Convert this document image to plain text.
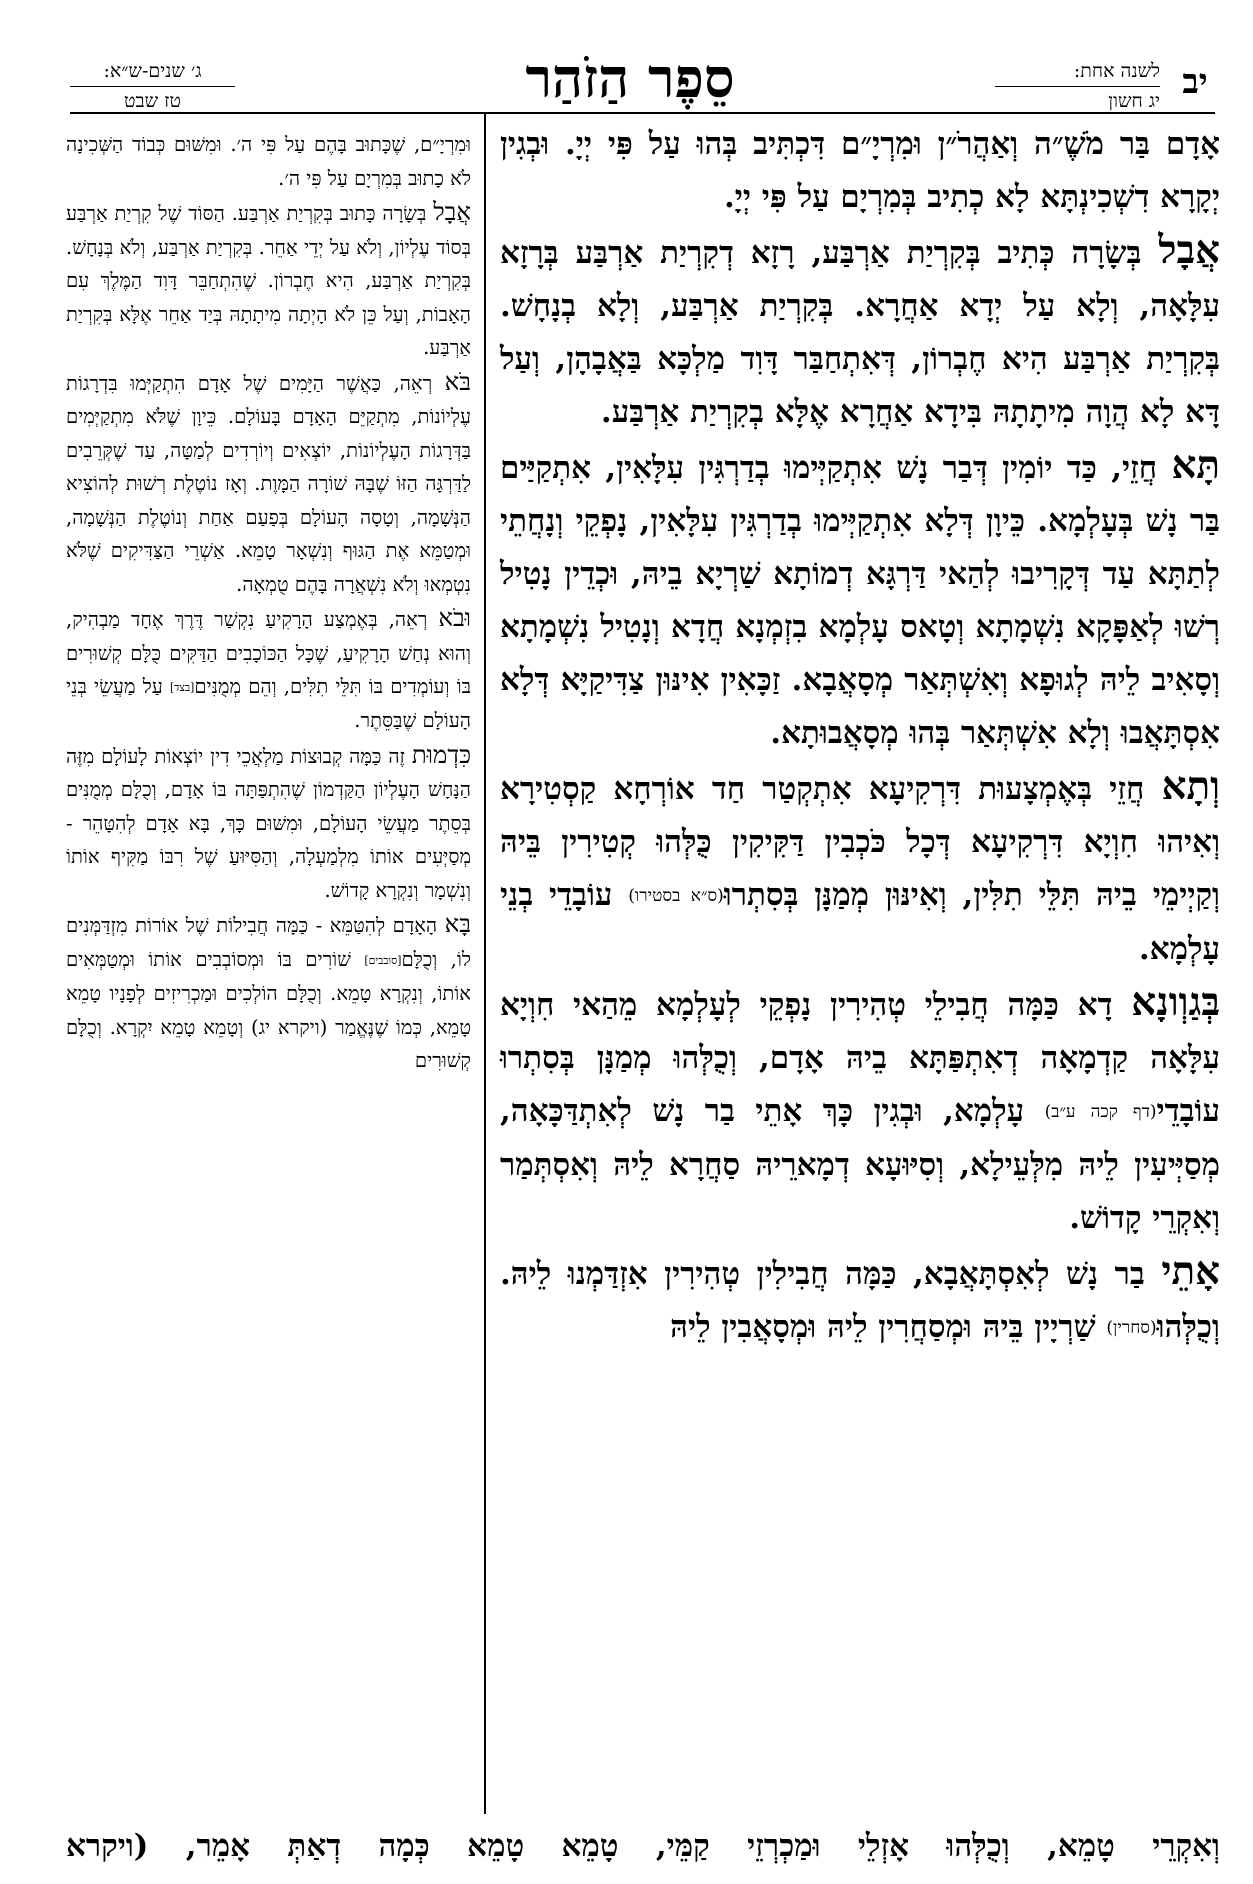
יב
לשנה אחת:
יג חשון
סֵפֶר הַזֹהַר
ג׳ שנים-ש״א:
טז שבט

אָדָם בַּר מֹשֶׁ״ה וְאַהֲרֹ״ן וּמִרְיָ״ם דִּכְתִּיב בְּהוּ עַל פִּי יְיָ. וּבְגִין יְקָרָא דִשְׁכִינְתָּא לָא כְתִיב בְּמִרְיָם עַל פִּי יְיָ.

אֲבָל בְּשָׂרָה כְּתִיב בְּקִרְיַת אַרְבַּע, רָזָא דְקִרְיַת אַרְבַּע בְּרָזָא עִלָּאָה, וְלָא עַל יְדָא אַחֲרָא. בְּקִרְיַת אַרְבַּע, וְלָא בְנָחָשׁ. בְּקִרְיַת אַרְבַּע הִיא חֶבְרוֹן, דְּאִתְחַבַּר דָּוִד מַלְכָּא בַּאֲבָהָן, וְעַל דָּא לָא הֲוָה מִיתָתָהּ בִּידָא אַחֲרָא אֶלָּא בְקִרְיַת אַרְבַּע.

תָּא חֲזֵי, כַּד יוֹמִין דְּבַר נָשׁ אִתְקַיְּימוּ בְדַרְגִּין עִלָּאִין, אִתְקַיַּים בַּר נָשׁ בְּעָלְמָא. כֵּיוָן דְּלָא אִתְקַיְּימוּ בְדַרְגִּין עִלָּאִין, נָפְקֵי וְנָחֲתֵי לְתַתָּא עַד דְּקָרִיבוּ לְהַאי דַּרְגָּא דְמוֹתָא שַׁרְיָא בֵיהּ, וּכְדֵין נָטִיל רְשׁוּ לְאַפָּקָא נִשְׁמָתָא וְטָאס עָלְמָא בִזְמְנָא חֲדָא וְנָטִיל נִשְׁמָתָא וְסָאִיב לֵיהּ לְגוּפָא וְאִשְׁתְּאַר מְסָאֲבָא. זַכָּאִין אִינּוּן צַדִּיקַיָּא דְּלָא אִסְתָּאֲבוּ וְלָא אִשְׁתְּאַר בְּהוּ מְסָאֲבוּתָא.

וְתָא חֲזֵי בְּאֶמְצָעוּת דִּרְקִיעָא אִתְקְטַר חַד אוֹרְחָא קַסְטִירָא וְאִיהוּ חִוְיָא דִּרְקִיעָא דְּכָל כֹּכְבִין דַּקִּיקִין כֻּלְּהוּ קְטִירִין בֵּיהּ וְקַיְימֵי בֵיהּ תִּלֵּי תִלִּין, וְאִינּוּן מְמַנָּן בְּסִתְרוּ(ס״א בסטירו) עוֹבָדֵי בְנֵי עָלְמָא.

בְּגַוְונָא דָא כַּמָּה חֲבִילֵי טְהִירִין נָפְקֵי לְעָלְמָא מֵהַאי חִוְיָא עִלָּאָה קַדְמָאָה דְאִתְפַּתָּא בֵיהּ אָדָם, וְכֻלְּהוּ מְמַנָּן בְּסִתְרוּ עוֹבָדֵי(דף קכה ע״ב) עָלְמָא, וּבְגִין כָּךְ אָתֵי בַר נָשׁ לְאִתְדַּכָּאָה, מְסַיְּיעִין לֵיהּ מִלְּעֵילָא, וְסִיּוּעָא דְמָארֵיהּ סַחֲרָא לֵיהּ וְאִסְתְּמַר וְאִקְרֵי קָדוֹשׁ.

אָתֵי בַר נָשׁ לְאִסְתָּאֲבָא, כַּמָּה חֲבִילִין טְהִירִין אִזְדַּמְנוּ לֵיהּ. וְכֻלְּהוּ(סחרין) שַׁרְיָין בֵּיהּ וּמְסַחֲרִין לֵיהּ וּמְסָאֲבִין לֵיהּ

וּמִרְיָ״ם, שֶׁכָּתוּב בָּהֶם עַל פִּי ה׳. וּמִשּׁוּם כְּבוֹד הַשְּׁכִינָה לֹא כָתוּב בְּמִרְיָם עַל פִּי ה׳.

אֲבָל בְּשָׂרָה כָּתוּב בְּקִרְיַת אַרְבַּע. הַסּוֹד שֶׁל קִרְיַת אַרְבַּע בְּסוֹד עֶלְיוֹן, וְלֹא עַל יְדֵי אַחֵר. בְּקִרְיַת אַרְבַּע, וְלֹא בְּנָחָשׁ. בְּקִרְיַת אַרְבַּע, הִיא חֶבְרוֹן. שֶׁהִתְחַבֵּר דָּוִד הַמֶּלֶךְ עִם הָאָבוֹת, וְעַל כֵּן לֹא הָיְתָה מִיתָתָהּ בְּיַד אַחֵר אֶלָּא בְּקִרְיַת אַרְבַּע.

בֹּא רְאֵה, כַּאֲשֶׁר הַיָּמִים שֶׁל אָדָם הִתְקַיְּמוּ בִּדְרָגוֹת עֶלְיוֹנוֹת, מִתְקַיֵּם הָאָדָם בָּעוֹלָם. כֵּיוָן שֶׁלֹּא מִתְקַיְּמִים בַּדְּרָגוֹת הָעֶלְיוֹנוֹת, יוֹצְאִים וְיוֹרְדִים לְמַטָּה, עַד שֶׁקְּרֵבִים לַדַּרְגָּה הַזּוֹ שֶׁבָּהּ שׁוֹרָה הַמָּוֶת. וְאָז נוֹטֶלֶת רְשׁוּת לְהוֹצִיא הַנְּשָׁמָה, וְטָסָה הָעוֹלָם בְּפַעַם אַחַת וְנוֹטֶלֶת הַנְּשָׁמָה, וּמְטַמֵּא אֶת הַגּוּף וְנִשְׁאָר טָמֵא. אַשְׁרֵי הַצַּדִּיקִים שֶׁלֹּא נִטְמְאוּ וְלֹא נִשְׁאֲרָה בָּהֶם טֻמְאָה.

וּבֹא רְאֵה, בְּאֶמְצַע הָרָקִיעַ נִקְשַׁר דֶּרֶךְ אֶחָד מַבְהִיק, וְהוּא נְחַשׁ הָרָקִיעַ, שֶׁכָּל הַכּוֹכָבִים הַדַּקִּים כֻּלָּם קְשׁוּרִים בּוֹ וְעוֹמְדִים בּוֹ תִּלֵּי תִלִּים, וְהֵם מְמֻנִּים[בצד] עַל מַעֲשֵׂי בְּנֵי הָעוֹלָם שֶׁבַּסֵּתֶר.

כִּדְמוּת זֶה כַּמָּה קְבוּצוֹת מַלְאֲכֵי דִין יוֹצְאוֹת לָעוֹלָם מִזֶּה הַנָּחָשׁ הָעֶלְיוֹן הַקַּדְמוֹן שֶׁהִתְפַּתָּה בּוֹ אָדָם, וְכֻלָּם מְמֻנִּים בְּסֵתֶר מַעֲשֵׂי הָעוֹלָם, וּמִשּׁוּם כָּךְ, בָּא אָדָם לְהִטָּהֵר - מְסַיְּעִים אוֹתוֹ מִלְמַעְלָה, וְהַסִּיּוּעַ שֶׁל רִבּוֹ מַקִּיף אוֹתוֹ וְנִשְׁמָר וְנִקְרָא קָדוֹשׁ.

בָּא הָאָדָם לְהִטַּמֵּא - כַּמָּה חֲבִילוֹת שֶׁל אוֹרוֹת מִזְדַּמְּנִים לוֹ, וְכֻלָּם[סובבים] שׁוֹרִים בּוֹ וּמְסוֹבְבִים אוֹתוֹ וּמְטַמְּאִים אוֹתוֹ, וְנִקְרָא טָמֵא. וְכֻלָּם הוֹלְכִים וּמַכְרִיזִים לְפָנָיו טָמֵא טָמֵא, כְּמוֹ שֶׁנֶּאֱמַר (ויקרא יג) וְטָמֵא טָמֵא יִקְרָא. וְכֻלָּם קְשׁוּרִים

וְאִקְרֵי טָמֵא, וְכֻלְּהוּ אָזְלֵי וּמַכְרְזֵי קַמֵּי, טָמֵא טָמֵא כְּמָה דְאַתְּ אָמֵר, (ויקרא
